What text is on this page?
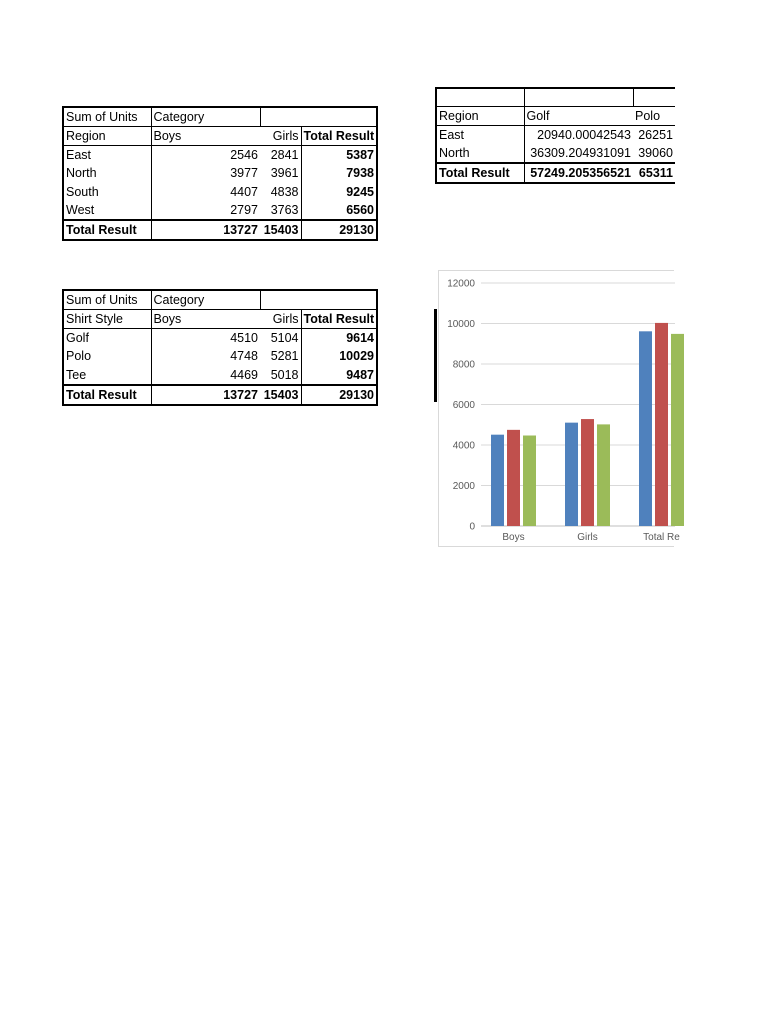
Sum of Units	Category		
Region	Boys	Girls	Total Result
East	2546	2841	5387
North	3977	3961	7938
South	4407	4838	9245
West	2797	3763	6560
Total Result	13727	15403	29130
Sum of Units	Category		
Shirt Style	Boys	Girls	Total Result
Golf	4510	5104	9614
Polo	4748	5281	10029
Tee	4469	5018	9487
Total Result	13727	15403	29130

Region	Golf	Polo
East	20940.00042543	26251
North	36309.204931091	39060
Total Result	57249.205356521	65311
0
2000
4000
6000
8000
10000
12000
Boys	Girls	Total Re
